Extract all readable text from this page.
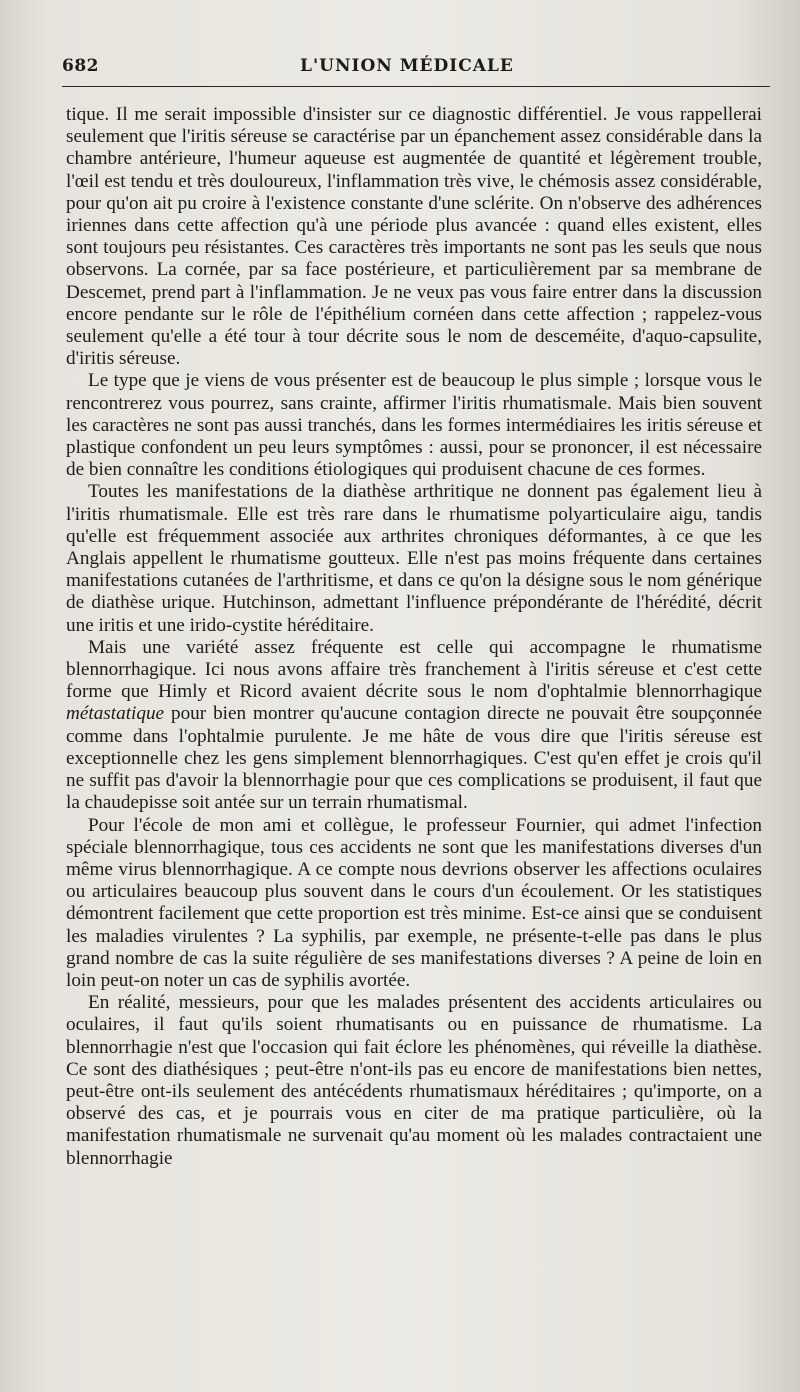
682	L'UNION MÉDICALE

tique. Il me serait impossible d'insister sur ce diagnostic différentiel. Je vous rappellerai seulement que l'iritis séreuse se caractérise par un épanchement assez considérable dans la chambre antérieure, l'humeur aqueuse est augmentée de quantité et légèrement trouble, l'œil est tendu et très douloureux, l'inflammation très vive, le chémosis assez considérable, pour qu'on ait pu croire à l'existence constante d'une sclérite. On n'observe des adhérences iriennes dans cette affection qu'à une période plus avancée : quand elles existent, elles sont toujours peu résistantes. Ces caractères très importants ne sont pas les seuls que nous observons. La cornée, par sa face postérieure, et particulièrement par sa membrane de Descemet, prend part à l'inflammation. Je ne veux pas vous faire entrer dans la discussion encore pendante sur le rôle de l'épithélium cornéen dans cette affection ; rappelez-vous seulement qu'elle a été tour à tour décrite sous le nom de desceméite, d'aquo-capsulite, d'iritis séreuse.

Le type que je viens de vous présenter est de beaucoup le plus simple ; lorsque vous le rencontrerez vous pourrez, sans crainte, affirmer l'iritis rhumatismale. Mais bien souvent les caractères ne sont pas aussi tranchés, dans les formes intermédiaires les iritis séreuse et plastique confondent un peu leurs symptômes : aussi, pour se prononcer, il est nécessaire de bien connaître les conditions étiologiques qui produisent chacune de ces formes.

Toutes les manifestations de la diathèse arthritique ne donnent pas également lieu à l'iritis rhumatismale. Elle est très rare dans le rhumatisme polyarticulaire aigu, tandis qu'elle est fréquemment associée aux arthrites chroniques déformantes, à ce que les Anglais appellent le rhumatisme goutteux. Elle n'est pas moins fréquente dans certaines manifestations cutanées de l'arthritisme, et dans ce qu'on la désigne sous le nom générique de diathèse urique. Hutchinson, admettant l'influence prépondérante de l'hérédité, décrit une iritis et une irido-cystite héréditaire.

Mais une variété assez fréquente est celle qui accompagne le rhumatisme blennorrhagique. Ici nous avons affaire très franchement à l'iritis séreuse et c'est cette forme que Himly et Ricord avaient décrite sous le nom d'ophtalmie blennorrhagique métastatique pour bien montrer qu'aucune contagion directe ne pouvait être soupçonnée comme dans l'ophtalmie purulente. Je me hâte de vous dire que l'iritis séreuse est exceptionnelle chez les gens simplement blennorrhagiques. C'est qu'en effet je crois qu'il ne suffit pas d'avoir la blennorrhagie pour que ces complications se produisent, il faut que la chaudepisse soit antée sur un terrain rhumatismal.

Pour l'école de mon ami et collègue, le professeur Fournier, qui admet l'infection spéciale blennorrhagique, tous ces accidents ne sont que les manifestations diverses d'un même virus blennorrhagique. A ce compte nous devrions observer les affections oculaires ou articulaires beaucoup plus souvent dans le cours d'un écoulement. Or les statistiques démontrent facilement que cette proportion est très minime. Est-ce ainsi que se conduisent les maladies virulentes ? La syphilis, par exemple, ne présente-t-elle pas dans le plus grand nombre de cas la suite régulière de ses manifestations diverses ? A peine de loin en loin peut-on noter un cas de syphilis avortée.

En réalité, messieurs, pour que les malades présentent des accidents articulaires ou oculaires, il faut qu'ils soient rhumatisants ou en puissance de rhumatisme. La blennorrhagie n'est que l'occasion qui fait éclore les phénomènes, qui réveille la diathèse. Ce sont des diathésiques ; peut-être n'ont-ils pas eu encore de manifestations bien nettes, peut-être ont-ils seulement des antécédents rhumatismaux héréditaires ; qu'importe, on a observé des cas, et je pourrais vous en citer de ma pratique particulière, où la manifestation rhumatismale ne survenait qu'au moment où les malades contractaient une blennorrhagie
